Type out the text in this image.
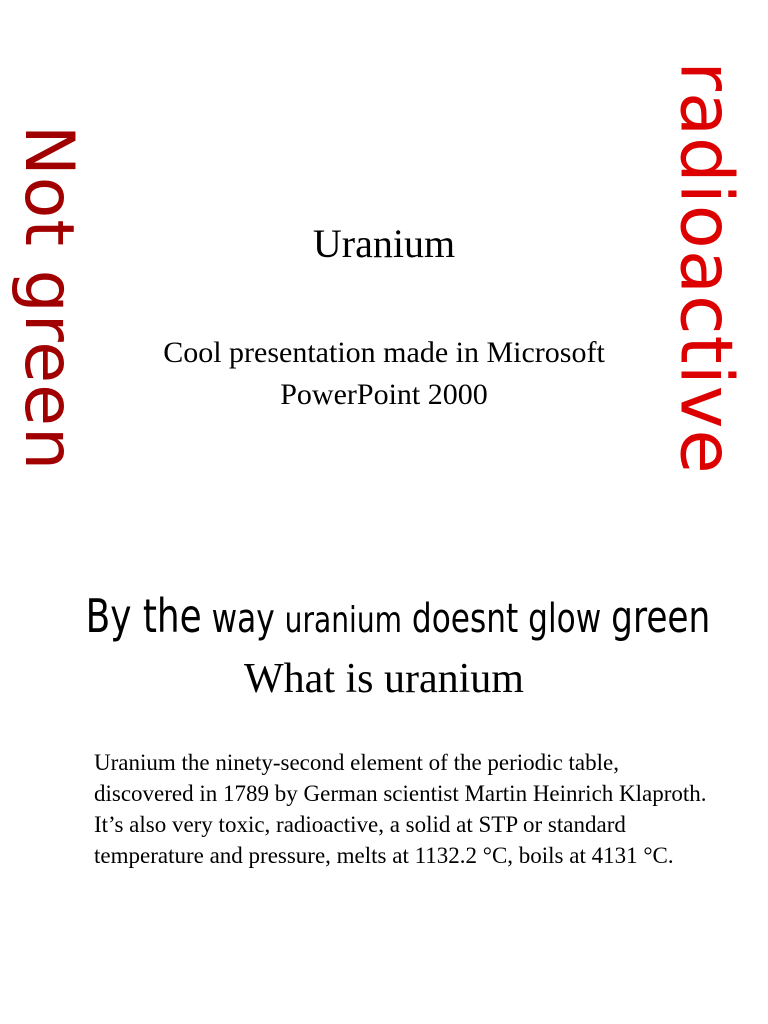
Not green	radioactive
Uranium
Cool presentation made in Microsoft PowerPoint 2000
By the way uranium doesnt glow green
What is uranium
Uranium the ninety-second element of the periodic table, discovered in 1789 by German scientist Martin Heinrich Klaproth. It’s also very toxic, radioactive, a solid at STP or standard temperature and pressure, melts at 1132.2 °C, boils at 4131 °C.
